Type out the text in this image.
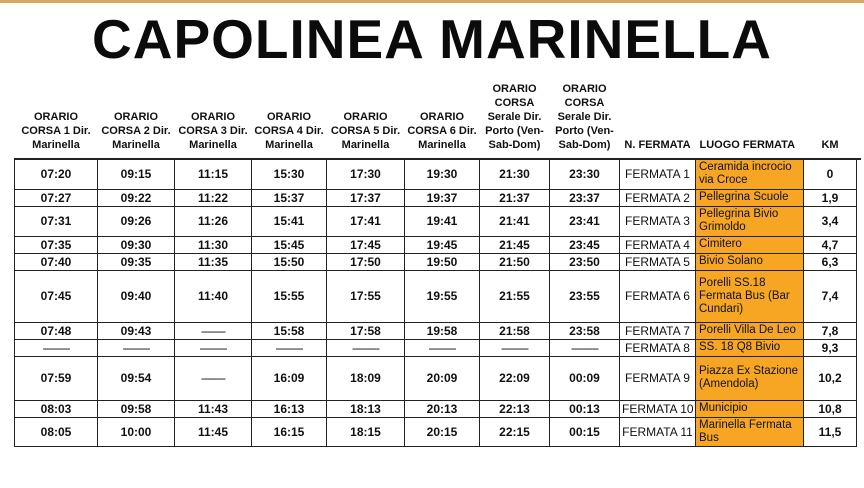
CAPOLINEA MARINELLA
ORARIO CORSA 1 Dir. Marinella	ORARIO CORSA 2 Dir. Marinella	ORARIO CORSA 3 Dir. Marinella	ORARIO CORSA 4 Dir. Marinella	ORARIO CORSA 5 Dir. Marinella	ORARIO CORSA 6 Dir. Marinella	ORARIO CORSA Serale Dir. Porto (Ven-Sab-Dom)	ORARIO CORSA Serale Dir. Porto (Ven-Sab-Dom)	N. FERMATA	LUOGO FERMATA	KM	
07:20	09:15	11:15	15:30	17:30	19:30	21:30	23:30	FERMATA 1	Ceramida incrocio via Croce	0	
07:27	09:22	11:22	15:37	17:37	19:37	21:37	23:37	FERMATA 2	Pellegrina Scuole	1,9	
07:31	09:26	11:26	15:41	17:41	19:41	21:41	23:41	FERMATA 3	Pellegrina Bivio Grimoldo	3,4	
07:35	09:30	11:30	15:45	17:45	19:45	21:45	23:45	FERMATA 4	Cimitero	4,7	
07:40	09:35	11:35	15:50	17:50	19:50	21:50	23:50	FERMATA 5	Bivio Solano	6,3	
07:45	09:40	11:40	15:55	17:55	19:55	21:55	23:55	FERMATA 6	Porelli SS.18 Fermata Bus (Bar Cundari)	7,4	
07:48	09:43	--------	15:58	17:58	19:58	21:58	23:58	FERMATA 7	Porelli Villa De Leo	7,8	
---------	---------	---------	---------	---------	---------	---------	---------	FERMATA 8	SS. 18 Q8 Bivio	9,3	
07:59	09:54	--------	16:09	18:09	20:09	22:09	00:09	FERMATA 9	Piazza Ex Stazione (Amendola)	10,2	
08:03	09:58	11:43	16:13	18:13	20:13	22:13	00:13	FERMATA 10	Municipio	10,8	
08:05	10:00	11:45	16:15	18:15	20:15	22:15	00:15	FERMATA 11	Marinella Fermata Bus	11,5	
